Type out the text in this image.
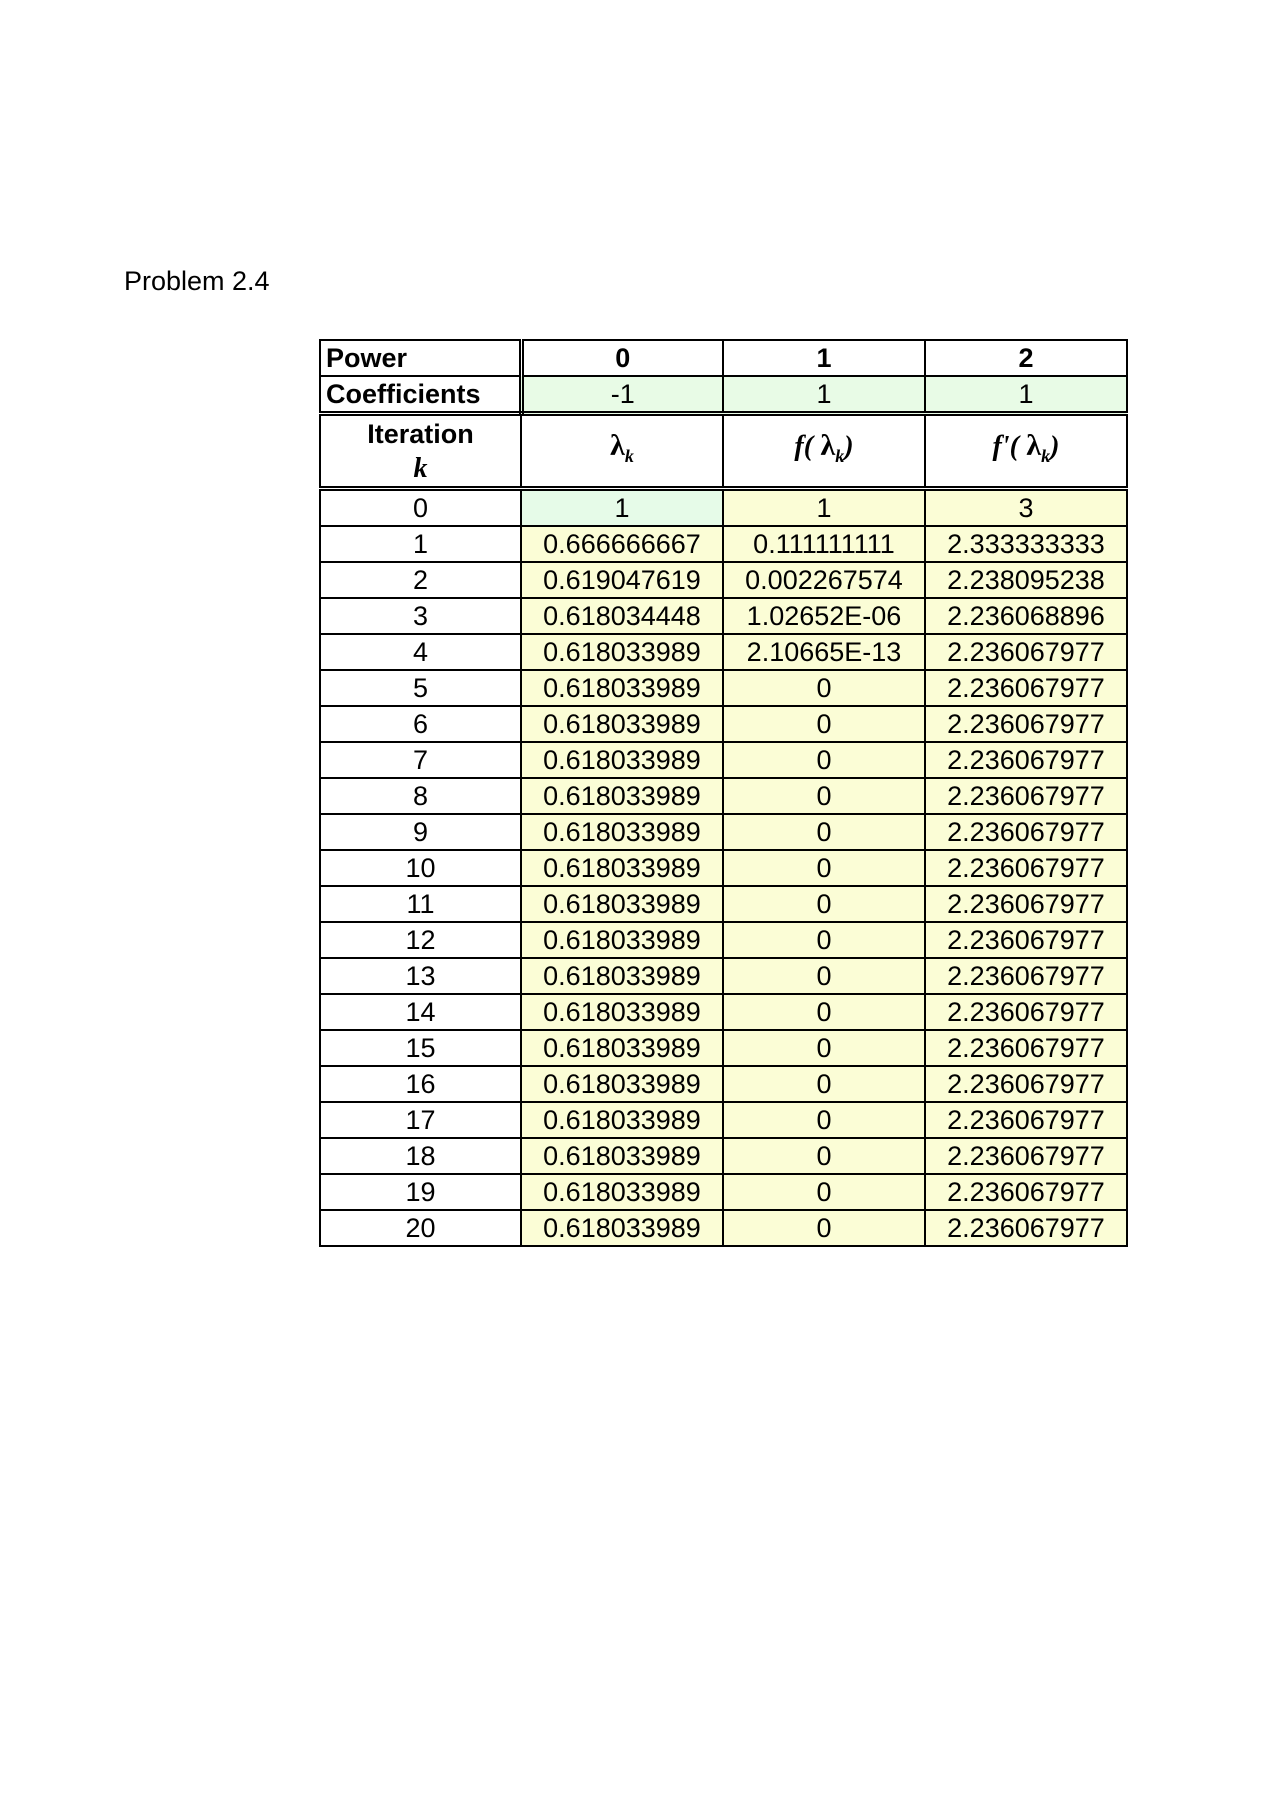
Problem 2.4
Power	0	1	2
Coefficients	-1	1	1

Iteration
k	$\lambda_k$	f( $\lambda_k$)	f'( $\lambda_k$)
0	1	1	3
1	0.666666667	0.111111111	2.333333333
2	0.619047619	0.002267574	2.238095238
3	0.618034448	1.02652E-06	2.236068896
4	0.618033989	2.10665E-13	2.236067977
5	0.618033989	0	2.236067977
6	0.618033989	0	2.236067977
7	0.618033989	0	2.236067977
8	0.618033989	0	2.236067977
9	0.618033989	0	2.236067977
10	0.618033989	0	2.236067977
11	0.618033989	0	2.236067977
12	0.618033989	0	2.236067977
13	0.618033989	0	2.236067977
14	0.618033989	0	2.236067977
15	0.618033989	0	2.236067977
16	0.618033989	0	2.236067977
17	0.618033989	0	2.236067977
18	0.618033989	0	2.236067977
19	0.618033989	0	2.236067977
20	0.618033989	0	2.236067977
